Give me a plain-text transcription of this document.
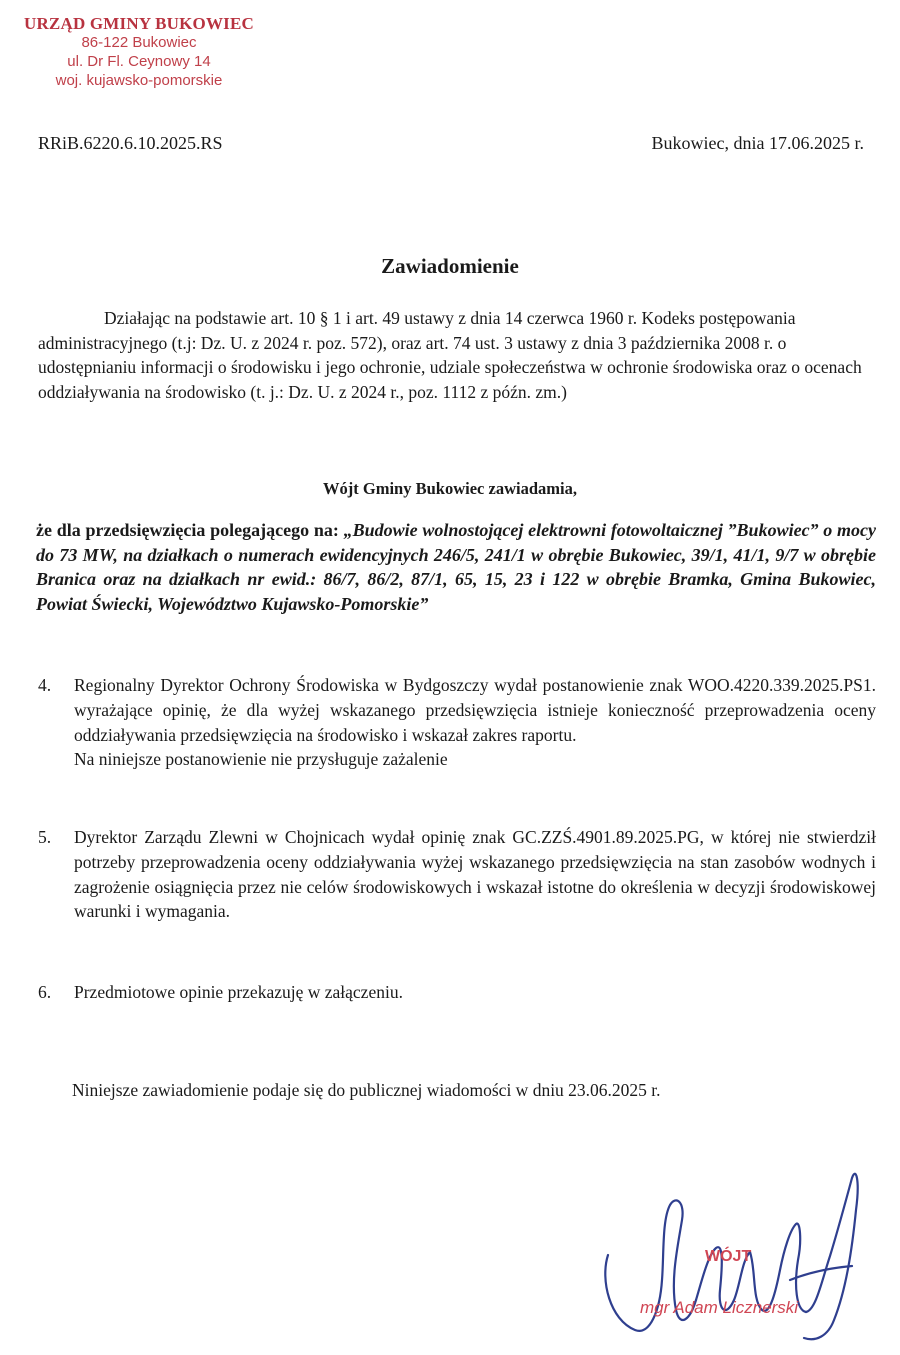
URZĄD GMINY BUKOWIEC
86-122 Bukowiec
ul. Dr Fl. Ceynowy 14
woj. kujawsko-pomorskie
RRiB.6220.6.10.2025.RS	Bukowiec, dnia 17.06.2025 r.
Zawiadomienie
Działając na podstawie art. 10 § 1 i art. 49 ustawy z dnia 14 czerwca 1960 r. Kodeks postępowania administracyjnego (t.j: Dz. U. z 2024 r. poz. 572), oraz art. 74 ust. 3 ustawy z dnia 3 października 2008 r. o udostępnianiu informacji o środowisku i jego ochronie, udziale społeczeństwa w ochronie środowiska oraz o ocenach oddziaływania na środowisko (t. j.: Dz. U. z 2024 r., poz. 1112 z późn. zm.)
Wójt Gminy Bukowiec zawiadamia,
że dla przedsięwzięcia polegającego na: „Budowie wolnostojącej elektrowni fotowoltaicznej ”Bukowiec” o mocy do 73 MW, na działkach o numerach ewidencyjnych 246/5, 241/1 w obrębie Bukowiec, 39/1, 41/1, 9/7 w obrębie Branica oraz na działkach nr ewid.: 86/7, 86/2, 87/1, 65, 15, 23 i 122 w obrębie Bramka, Gmina Bukowiec, Powiat Świecki, Województwo Kujawsko-Pomorskie”
4. Regionalny Dyrektor Ochrony Środowiska w Bydgoszczy wydał postanowienie znak WOO.4220.339.2025.PS1. wyrażające opinię, że dla wyżej wskazanego przedsięwzięcia istnieje konieczność przeprowadzenia oceny oddziaływania przedsięwzięcia na środowisko i wskazał zakres raportu.
Na niniejsze postanowienie nie przysługuje zażalenie
5. Dyrektor Zarządu Zlewni w Chojnicach wydał opinię znak GC.ZZŚ.4901.89.2025.PG, w której nie stwierdził potrzeby przeprowadzenia oceny oddziaływania wyżej wskazanego przedsięwzięcia na stan zasobów wodnych i zagrożenie osiągnięcia przez nie celów środowiskowych i wskazał istotne do określenia w decyzji środowiskowej warunki i wymagania.
6. Przedmiotowe opinie przekazuję w załączeniu.
Niniejsze zawiadomienie podaje się do publicznej wiadomości w dniu 23.06.2025 r.
WÓJT
mgr Adam Licznerski
